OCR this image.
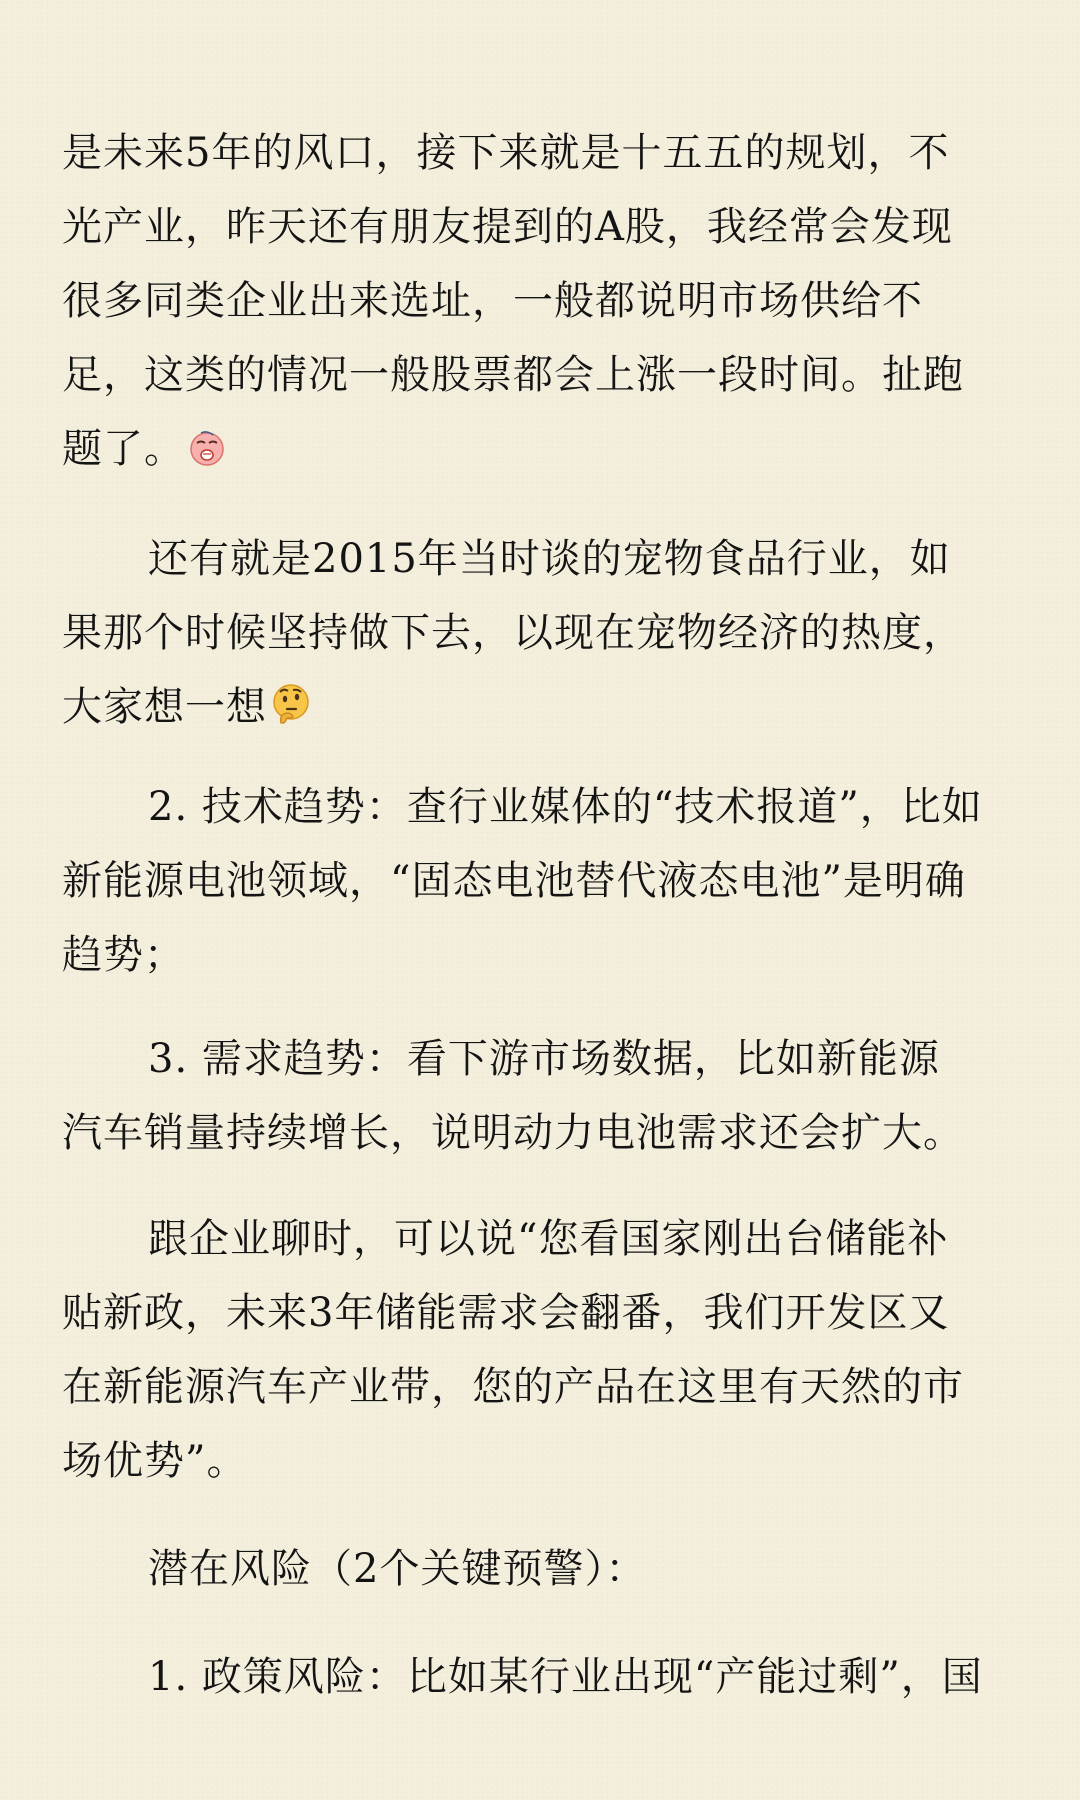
是未来5年的风口，接下来就是十五五的规划，不
光产业，昨天还有朋友提到的A股，我经常会发现
很多同类企业出来选址，一般都说明市场供给不
足，这类的情况一般股票都会上涨一段时间。扯跑
题了。

还有就是2015年当时谈的宠物食品行业，如
果那个时候坚持做下去，以现在宠物经济的热度，
大家想一想

2. 技术趋势：查行业媒体的“技术报道”，比如
新能源电池领域，“固态电池替代液态电池”是明确
趋势；

3. 需求趋势：看下游市场数据，比如新能源
汽车销量持续增长，说明动力电池需求还会扩大。

跟企业聊时，可以说“您看国家刚出台储能补
贴新政，未来3年储能需求会翻番，我们开发区又
在新能源汽车产业带，您的产品在这里有天然的市
场优势”。

潜在风险（2个关键预警）：

1. 政策风险：比如某行业出现“产能过剩”，国
